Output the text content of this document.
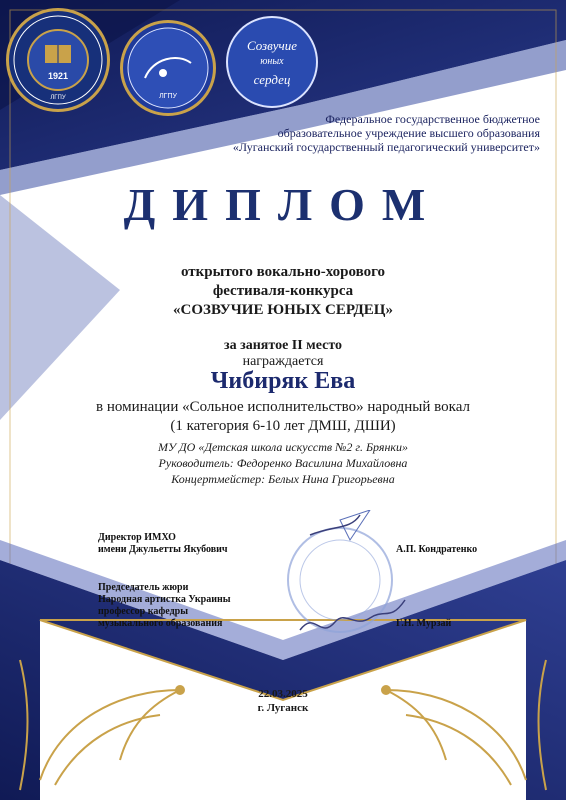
1921
ЛГПУ	ЛГПУ
Созвучие
юных
сердец
Федеральное государственное бюджетное
образовательное учреждение высшего образования
«Луганский государственный педагогический университет»
ДИПЛОМ
открытого вокально-хорового
фестиваля-конкурса
«СОЗВУЧИЕ ЮНЫХ СЕРДЕЦ»
за занятое II место
награждается
Чибиряк Ева
в номинации «Сольное исполнительство» народный вокал
(1 категория 6-10 лет ДМШ, ДШИ)
МУ ДО «Детская школа искусств №2 г. Брянки»
Руководитель: Федоренко Василина Михайловна
Концертмейстер: Белых Нина Григорьевна
Директор ИМХО
имени Джульетты Якубович	А.П. Кондратенко
Председатель жюри
Народная артистка Украины
профессор кафедры
музыкального образования	Г.Н. Мурзай
22.03.2025
г. Луганск
